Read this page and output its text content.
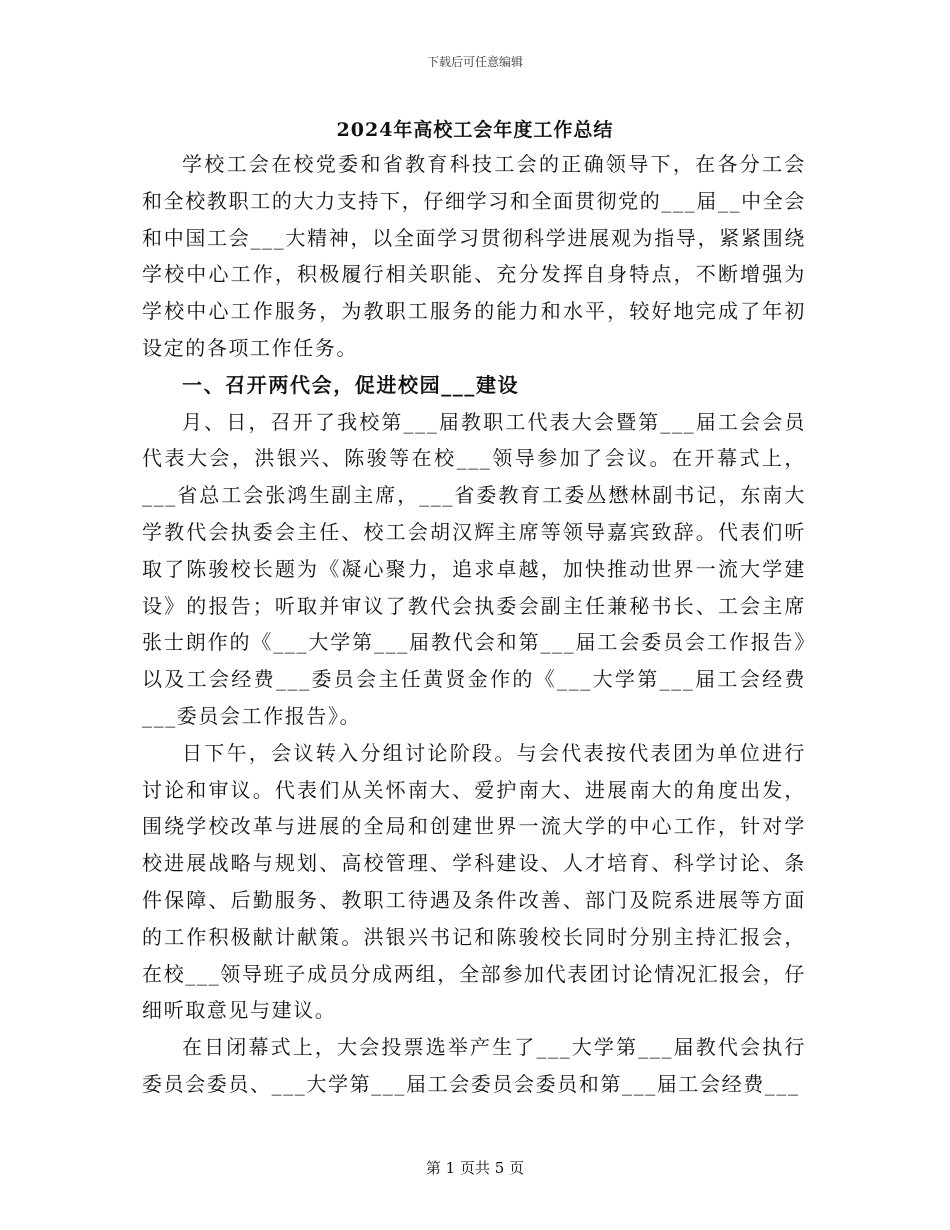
下载后可任意编辑
2024年高校工会年度工作总结

学校工会在校党委和省教育科技工会的正确领导下，在各分工会和全校教职工的大力支持下，仔细学习和全面贯彻党的___届__中全会和中国工会___大精神，以全面学习贯彻科学进展观为指导，紧紧围绕学校中心工作，积极履行相关职能、充分发挥自身特点，不断增强为学校中心工作服务，为教职工服务的能力和水平，较好地完成了年初设定的各项工作任务。

一、召开两代会，促进校园___建设

月、日，召开了我校第___届教职工代表大会暨第___届工会会员代表大会，洪银兴、陈骏等在校___领导参加了会议。在开幕式上，___省总工会张鸿生副主席，___省委教育工委丛懋林副书记，东南大学教代会执委会主任、校工会胡汉辉主席等领导嘉宾致辞。代表们听取了陈骏校长题为《凝心聚力，追求卓越，加快推动世界一流大学建设》的报告；听取并审议了教代会执委会副主任兼秘书长、工会主席张士朗作的《___大学第___届教代会和第___届工会委员会工作报告》以及工会经费___委员会主任黄贤金作的《___大学第___届工会经费___委员会工作报告》。

日下午，会议转入分组讨论阶段。与会代表按代表团为单位进行讨论和审议。代表们从关怀南大、爱护南大、进展南大的角度出发，围绕学校改革与进展的全局和创建世界一流大学的中心工作，针对学校进展战略与规划、高校管理、学科建设、人才培育、科学讨论、条件保障、后勤服务、教职工待遇及条件改善、部门及院系进展等方面的工作积极献计献策。洪银兴书记和陈骏校长同时分别主持汇报会，在校___领导班子成员分成两组，全部参加代表团讨论情况汇报会，仔细听取意见与建议。

在日闭幕式上，大会投票选举产生了___大学第___届教代会执行委员会委员、___大学第___届工会委员会委员和第___届工会经费___

第 1 页共 5 页
